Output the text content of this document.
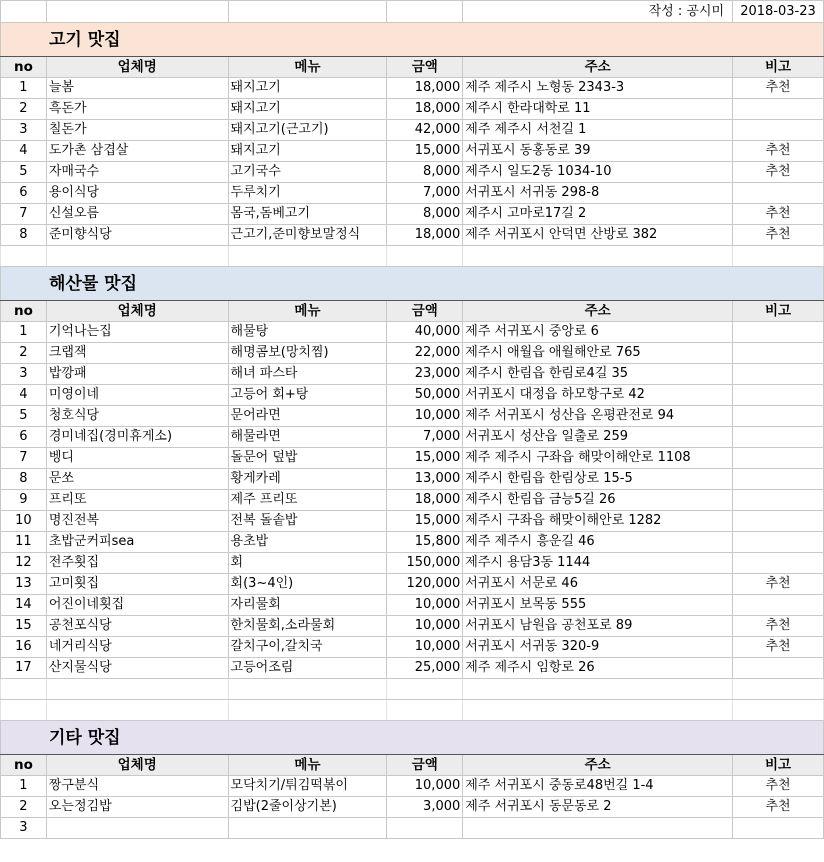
				작성 : 공시미	2018-03-23
고기 맛집					
no	업체명	메뉴	금액	주소	비고
1	늘봄	돼지고기	18,000	제주 제주시 노형동 2343-3	추천
2	흑돈가	돼지고기	18,000	제주시 한라대학로 11	
3	칠돈가	돼지고기(근고기)	42,000	제주 제주시 서천길 1	
4	도가촌 삼겹살	돼지고기	15,000	서귀포시 동홍동로 39	추천
5	자매국수	고기국수	8,000	제주시 일도2동 1034-10	추천
6	용이식당	두루치기	7,000	서귀포시 서귀동 298-8	
7	신설오름	몸국,돔베고기	8,000	제주시 고마로17길 2	추천
8	준미향식당	근고기,준미향보말정식	18,000	제주 서귀포시 안덕면 산방로 382	추천

해산물 맛집					
no	업체명	메뉴	금액	주소	비고
1	기억나는집	해물탕	40,000	제주 서귀포시 중앙로 6	
2	크랩잭	해명콤보(망치찜)	22,000	제주시 애월읍 애월해안로 765	
3	밥깡패	해녀 파스타	23,000	제주시 한림읍 한림로4길 35	
4	미영이네	고등어 회+탕	50,000	서귀포시 대정읍 하모항구로 42	
5	청호식당	문어라면	10,000	제주 서귀포시 성산읍 온평관전로 94	
6	경미네집(경미휴게소)	해물라면	7,000	서귀포시 성산읍 일출로 259	
7	벵디	돌문어 덮밥	15,000	제주 제주시 구좌읍 해맞이해안로 1108	
8	문쏘	황게카레	13,000	제주시 한림읍 한림상로 15-5	
9	프리또	제주 프리또	18,000	제주시 한림읍 금능5길 26	
10	명진전복	전복 돌솥밥	15,000	제주시 구좌읍 해맞이해안로 1282	
11	초밥군커피sea	용초밥	15,800	제주 제주시 흥운길 46	
12	전주횟집	회	150,000	제주시 용담3동 1144	
13	고미횟집	회(3~4인)	120,000	서귀포시 서문로 46	추천
14	어진이네횟집	자리물회	10,000	서귀포시 보목동 555	
15	공천포식당	한치물회,소라물회	10,000	서귀포시 남원읍 공천포로 89	추천
16	네거리식당	갈치구이,갈치국	10,000	서귀포시 서귀동 320-9	추천
17	산지물식당	고등어조림	25,000	제주 제주시 임항로 26	

기타 맛집					
no	업체명	메뉴	금액	주소	비고
1	짱구분식	모닥치기/튀김떡볶이	10,000	제주 서귀포시 중동로48번길 1-4	추천
2	오는정김밥	김밥(2줄이상기본)	3,000	제주 서귀포시 동문동로 2	추천
3					
